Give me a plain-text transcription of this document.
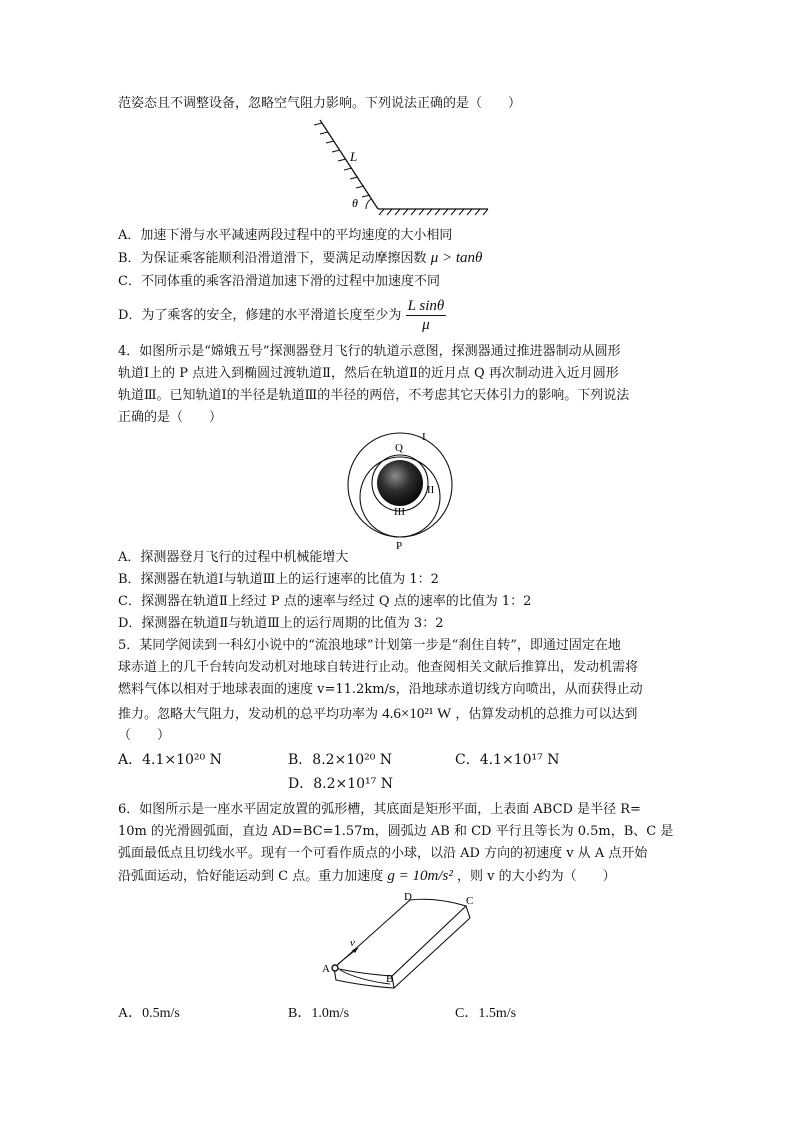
范姿态且不调整设备，忽略空气阻力影响。下列说法正确的是（　　）
L
θ
A．加速下滑与水平减速两段过程中的平均速度的大小相同
B．为保证乘客能顺利沿滑道滑下，要满足动摩擦因数 μ > tanθ
C．不同体重的乘客沿滑道加速下滑的过程中加速度不同
D．为了乘客的安全，修建的水平滑道长度至少为 $\frac{\text{L sinθ}}{\mu}$
4．如图所示是“嫦娥五号”探测器登月飞行的轨道示意图，探测器通过推进器制动从圆形
轨道Ⅰ上的 P 点进入到椭圆过渡轨道Ⅱ，然后在轨道Ⅱ的近月点 Q 再次制动进入近月圆形
轨道Ⅲ。已知轨道Ⅰ的半径是轨道Ⅲ的半径的两倍，不考虑其它天体引力的影响。下列说法
正确的是（　　）
I
II
III
Q
P
A．探测器登月飞行的过程中机械能增大
B．探测器在轨道Ⅰ与轨道Ⅲ上的运行速率的比值为 1：2
C．探测器在轨道Ⅱ上经过 P 点的速率与经过 Q 点的速率的比值为 1：2
D．探测器在轨道Ⅱ与轨道Ⅲ上的运行周期的比值为 3：2
5．某同学阅读到一科幻小说中的“流浪地球”计划第一步是“刹住自转”，即通过固定在地
球赤道上的几千台转向发动机对地球自转进行止动。他查阅相关文献后推算出，发动机需将
燃料气体以相对于地球表面的速度 v=11.2km/s，沿地球赤道切线方向喷出，从而获得止动
推力。忽略大气阻力，发动机的总平均功率为 4.6×10²¹ W ，估算发动机的总推力可以达到
（　　）
A．4.1×10²⁰ N	B．8.2×10²⁰ N	C．4.1×10¹⁷ N
D．8.2×10¹⁷ N
6．如图所示是一座水平固定放置的弧形槽，其底面是矩形平面，上表面 ABCD 是半径 R=
10m 的光滑圆弧面，直边 AD=BC=1.57m，圆弧边 AB 和 CD 平行且等长为 0.5m，B、C 是
弧面最低点且切线水平。现有一个可看作质点的小球，以沿 AD 方向的初速度 v 从 A 点开始
沿弧面运动，恰好能运动到 C 点。重力加速度 g = 10m/s² ，则 v 的大小约为（　　）
v
A
B
C
D
A．0.5m/s	B．1.0m/s	C．1.5m/s
